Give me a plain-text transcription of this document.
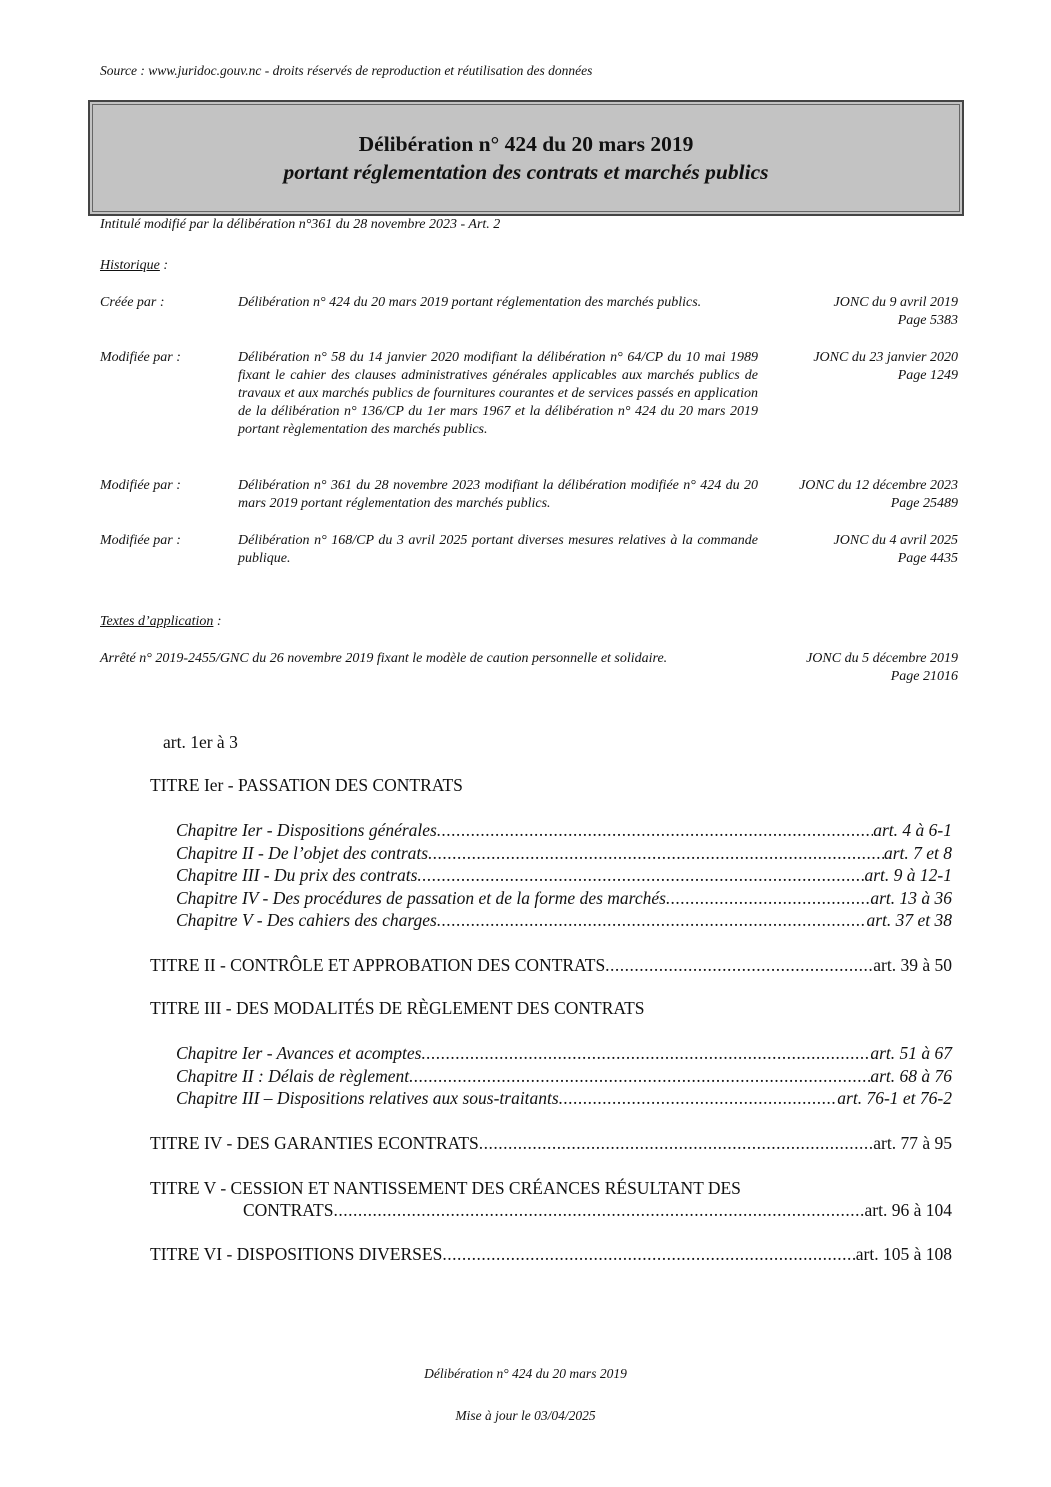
Source : www.juridoc.gouv.nc - droits réservés de reproduction et réutilisation des données
Délibération n° 424 du 20 mars 2019
portant réglementation des contrats et marchés publics
Intitulé modifié par la délibération n°361 du 28 novembre 2023 - Art. 2
Historique :
Créée par :	Délibération n° 424 du 20 mars 2019 portant réglementation des marchés publics.	JONC du 9 avril 2019
Page 5383
Modifiée par :	Délibération n° 58 du 14 janvier 2020 modifiant la délibération n° 64/CP du 10 mai 1989 fixant le cahier des clauses administratives générales applicables aux marchés publics de travaux et aux marchés publics de fournitures courantes et de services passés en application de la délibération n° 136/CP du 1er mars 1967 et la délibération n° 424 du 20 mars 2019 portant règlementation des marchés publics.
JONC du 23 janvier 2020
Page 1249
Modifiée par :	Délibération n° 361 du 28 novembre 2023 modifiant la délibération modifiée n° 424 du 20 mars 2019 portant réglementation des marchés publics.
JONC du 12 décembre 2023
Page 25489
Modifiée par :	Délibération n° 168/CP du 3 avril 2025 portant diverses mesures relatives à la commande publique.
JONC du 4 avril 2025
Page 4435
Textes d’application :
Arrêté n° 2019-2455/GNC du 26 novembre 2019 fixant le modèle de caution personnelle et solidaire.	JONC du 5 décembre 2019
Page 21016
art. 1er à 3
TITRE Ier - PASSATION DES CONTRATS
Chapitre Ier - Dispositions générales .....	art. 4 à 6-1
Chapitre II - De l’objet des contrats .....	art. 7 et 8
Chapitre III - Du prix des contrats .....	art. 9 à 12-1
Chapitre IV - Des procédures de passation et de la forme des marchés .....	art. 13 à 36
Chapitre V - Des cahiers des charges .....	art. 37 et 38
TITRE II - CONTRÔLE ET APPROBATION DES CONTRATS .....	art. 39 à 50
TITRE III - DES MODALITÉS DE RÈGLEMENT DES CONTRATS
Chapitre Ier - Avances et acomptes .....	art. 51 à 67
Chapitre II : Délais de règlement .....	art. 68 à 76
Chapitre III – Dispositions relatives aux sous-traitants .....	art. 76-1 et 76-2
TITRE IV - DES GARANTIES ECONTRATS .....	art. 77 à 95
TITRE V - CESSION ET NANTISSEMENT DES CRÉANCES RÉSULTANT DES
CONTRATS .....	art. 96 à 104
TITRE VI - DISPOSITIONS DIVERSES .....	art. 105 à 108
Délibération n° 424 du 20 mars 2019
Mise à jour le 03/04/2025
